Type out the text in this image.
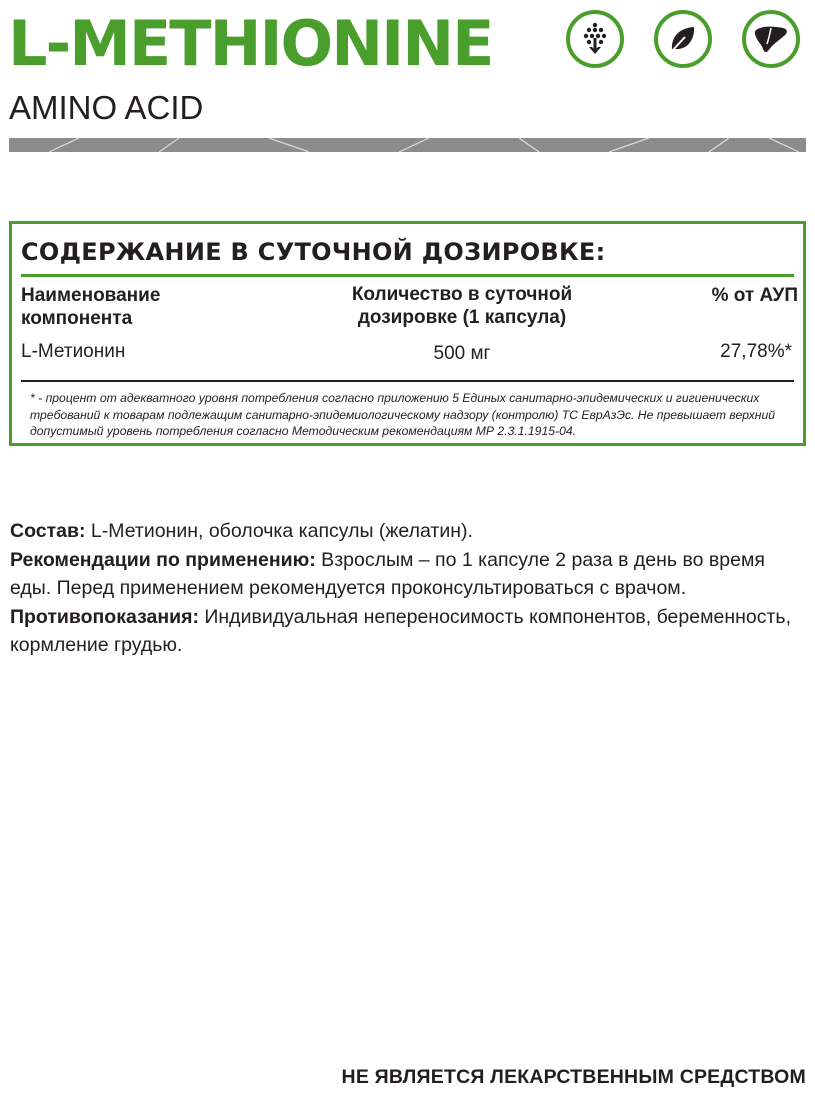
L-METHIONINE
AMINO ACID
СОДЕРЖАНИЕ В СУТОЧНОЙ ДОЗИРОВКЕ:
Наименование компонента
Количество в суточной дозировке (1 капсула)
% от АУП
L-Метионин	500 мг	27,78%*
* - процент от адекватного уровня потребления согласно приложению 5 Единых санитарно-эпидемических и гигиенических требований к товарам подлежащим санитарно-эпидемиологическому надзору (контролю) ТС ЕврАзЭс. Не превышает верхний допустимый уровень потребления согласно Методическим рекомендациям МР 2.3.1.1915-04.

Состав: L-Метионин, оболочка капсулы (желатин).

Рекомендации по применению: Взрослым – по 1 капсуле 2 раза в день во время еды. Перед применением рекомендуется проконсультироваться с врачом.

Противопоказания: Индивидуальная непереносимость компонентов, беременность, кормление грудью.

НЕ ЯВЛЯЕТСЯ ЛЕКАРСТВЕННЫМ СРЕДСТВОМ
